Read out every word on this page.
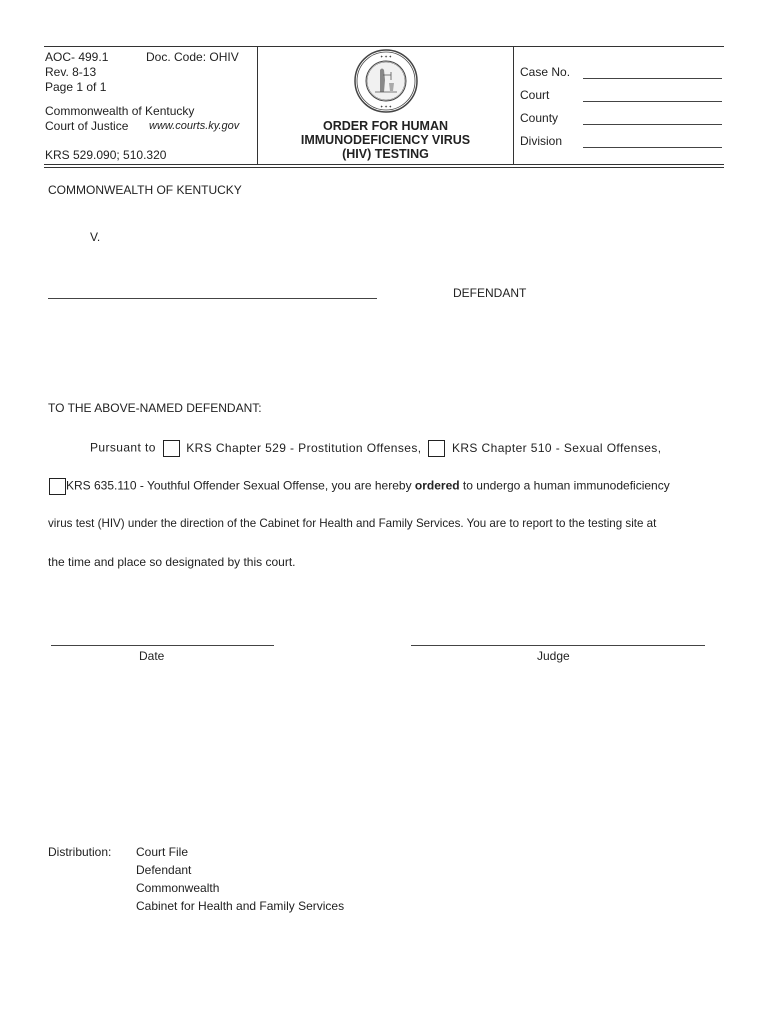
AOC- 499.1	Doc. Code: OHIV
Rev. 8-13
Page 1 of 1
Commonwealth of Kentucky
Court of Justice www.courts.ky.gov
KRS 529.090; 510.320
✦ ✦ ✦
✦ ✦ ✦
ORDER FOR HUMAN
IMMUNODEFICIENCY VIRUS
(HIV) TESTING
Case No.
Court
County
Division
COMMONWEALTH OF KENTUCKY
V.
DEFENDANT
TO THE ABOVE-NAMED DEFENDANT:
Pursuant to	KRS Chapter 529 - Prostitution Offenses,	KRS Chapter 510 - Sexual Offenses,
KRS 635.110 - Youthful Offender Sexual Offense, you are hereby ordered to undergo a human immunodeficiency
virus test (HIV) under the direction of the Cabinet for Health and Family Services. You are to report to the testing site at
the time and place so designated by this court.
Date	Judge
Distribution: Court File
Defendant
Commonwealth
Cabinet for Health and Family Services
